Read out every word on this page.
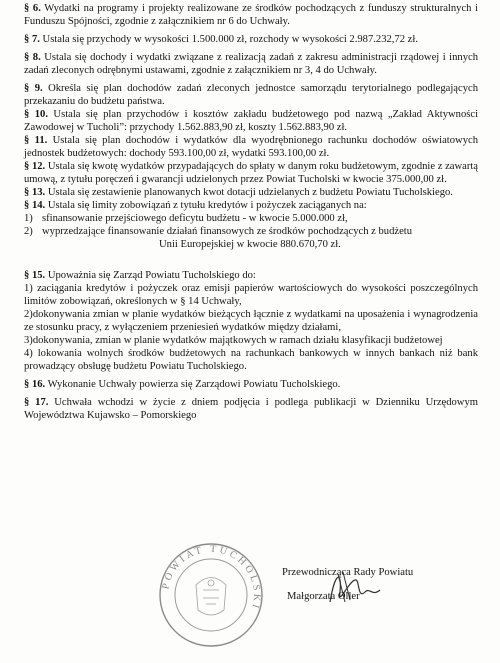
§ 6. Wydatki na programy i projekty realizowane ze środków pochodzących z funduszy strukturalnych i Funduszu Spójności, zgodnie z załącznikiem nr 6 do Uchwały.

§ 7. Ustala się przychody w wysokości 1.500.000 zł, rozchody w wysokości 2.987.232,72 zł.

§ 8. Ustala się dochody i wydatki związane z realizacją zadań z zakresu administracji rządowej i innych zadań zleconych odrębnymi ustawami, zgodnie z załącznikiem nr 3, 4 do Uchwały.

§ 9. Określa się plan dochodów zadań zleconych jednostce samorządu terytorialnego podlegających przekazaniu do budżetu państwa.

§ 10. Ustala się plan przychodów i kosztów zakładu budżetowego pod nazwą „Zakład Aktywności Zawodowej w Tucholi”: przychody 1.562.883,90 zł, koszty 1.562.883,90 zł.

§ 11. Ustala się plan dochodów i wydatków dla wyodrębnionego rachunku dochodów oświatowych jednostek budżetowych: dochody 593.100,00 zł, wydatki 593.100,00 zł.

§ 12. Ustala się kwotę wydatków przypadających do spłaty w danym roku budżetowym, zgodnie z zawartą umową, z tytułu poręczeń i gwarancji udzielonych przez Powiat Tucholski w kwocie 375.000,00 zł.

§ 13. Ustala się zestawienie planowanych kwot dotacji udzielanych z budżetu Powiatu Tucholskiego.

§ 14. Ustala się limity zobowiązań z tytułu kredytów i pożyczek zaciąganych na:

1) sfinansowanie przejściowego deficytu budżetu - w kwocie 5.000.000 zł,

2) wyprzedzające finansowanie działań finansowych ze środków pochodzących z budżetu

Unii Europejskiej w kwocie 880.670,70 zł.

§ 15. Upoważnia się Zarząd Powiatu Tucholskiego do:

1) zaciągania kredytów i pożyczek oraz emisji papierów wartościowych do wysokości poszczególnych limitów zobowiązań, określonych w § 14 Uchwały,

2)dokonywania zmian w planie wydatków bieżących łącznie z wydatkami na uposażenia i wynagrodzenia ze stosunku pracy, z wyłączeniem przeniesień wydatków między działami,

3)dokonywania, zmian w planie wydatków majątkowych w ramach działu klasyfikacji budżetowej

4) lokowania wolnych środków budżetowych na rachunkach bankowych w innych bankach niż bank prowadzący obsługę budżetu Powiatu Tucholskiego.

§ 16. Wykonanie Uchwały powierza się Zarządowi Powiatu Tucholskiego.

§ 17. Uchwała wchodzi w życie z dniem podjęcia i podlega publikacji w Dzienniku Urzędowym Województwa Kujawsko – Pomorskiego

POWIAT TUCHOLSKI
Przewodnicząca Rady Powiatu
Małgorzata Oller
